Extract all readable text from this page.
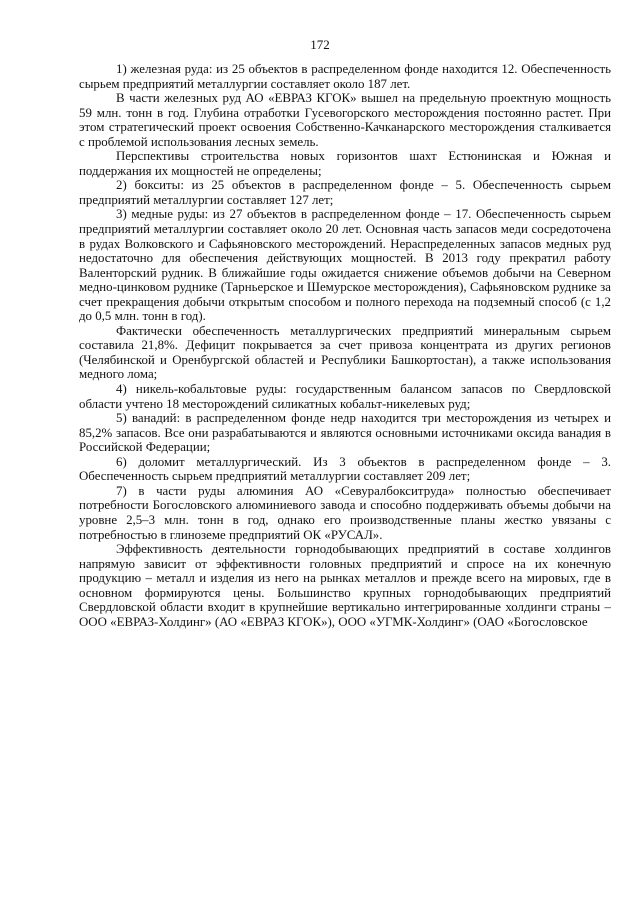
172

1) железная руда: из 25 объектов в распределенном фонде находится 12. Обеспеченность сырьем предприятий металлургии составляет около 187 лет.

В части железных руд АО «ЕВРАЗ КГОК» вышел на предельную проектную мощность 59 млн. тонн в год. Глубина отработки Гусевогорского месторождения постоянно растет. При этом стратегический проект освоения Собственно-Качканарского месторождения сталкивается с проблемой использования лесных земель.

Перспективы строительства новых горизонтов шахт Естюнинская и Южная и поддержания их мощностей не определены;

2) бокситы: из 25 объектов в распределенном фонде – 5. Обеспеченность сырьем предприятий металлургии составляет 127 лет;

3) медные руды: из 27 объектов в распределенном фонде – 17. Обеспеченность сырьем предприятий металлургии составляет около 20 лет. Основная часть запасов меди сосредоточена в рудах Волковского и Сафьяновского месторождений. Нераспределенных запасов медных руд недостаточно для обеспечения действующих мощностей. В 2013 году прекратил работу Валенторский рудник. В ближайшие годы ожидается снижение объемов добычи на Северном медно-цинковом руднике (Тарньерское и Шемурское месторождения), Сафьяновском руднике за счет прекращения добычи открытым способом и полного перехода на подземный способ (с 1,2 до 0,5 млн. тонн в год).

Фактически обеспеченность металлургических предприятий минеральным сырьем составила 21,8%. Дефицит покрывается за счет привоза концентрата из других регионов (Челябинской и Оренбургской областей и Республики Башкортостан), а также использования медного лома;

4) никель-кобальтовые руды: государственным балансом запасов по Свердловской области учтено 18 месторождений силикатных кобальт-никелевых руд;

5) ванадий: в распределенном фонде недр находится три месторождения из четырех и 85,2% запасов. Все они разрабатываются и являются основными источниками оксида ванадия в Российской Федерации;

6) доломит металлургический. Из 3 объектов в распределенном фонде – 3. Обеспеченность сырьем предприятий металлургии составляет 209 лет;

7) в части руды алюминия АО «Севуралбокситруда» полностью обеспечивает потребности Богословского алюминиевого завода и способно поддерживать объемы добычи на уровне 2,5–3 млн. тонн в год, однако его производственные планы жестко увязаны с потребностью в глиноземе предприятий ОК «РУСАЛ».

Эффективность деятельности горнодобывающих предприятий в составе холдингов напрямую зависит от эффективности головных предприятий и спросе на их конечную продукцию – металл и изделия из него на рынках металлов и прежде всего на мировых, где в основном формируются цены. Большинство крупных горнодобывающих предприятий Свердловской области входит в крупнейшие вертикально интегрированные холдинги страны – ООО «ЕВРАЗ-Холдинг» (АО «ЕВРАЗ КГОК»), ООО «УГМК-Холдинг» (ОАО «Богословское
